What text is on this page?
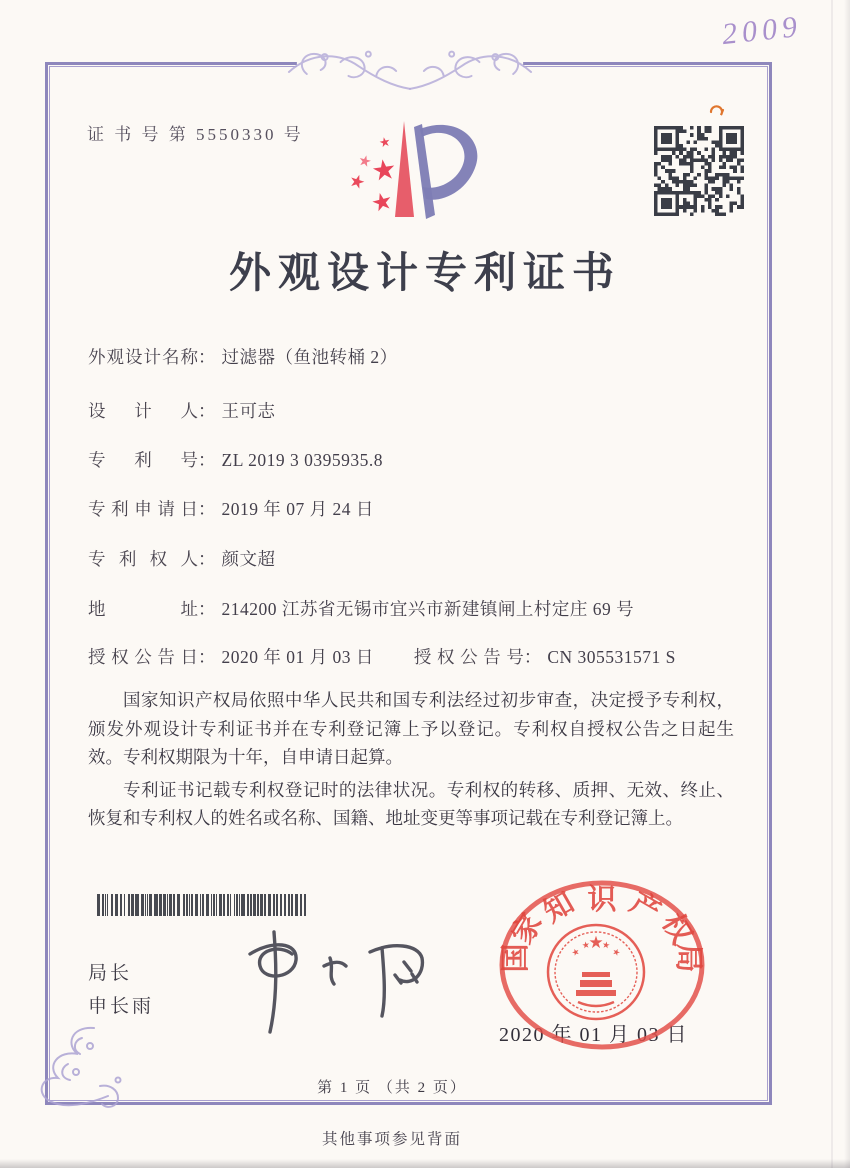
证 书 号 第 5550330 号
2009
★
★
★
★
★
外观设计专利证书
外观设计名称： 过滤器（鱼池转桶 2）
设计人： 王可志
专利号： ZL 2019 3 0395935.8
专利申请日： 2019 年 07 月 24 日
专利权人： 颜文超
地址： 214200 江苏省无锡市宜兴市新建镇闸上村定庄 69 号
授权公告日： 2020 年 01 月 03 日 授权公告号： CN 305531571 S

国家知识产权局依照中华人民共和国专利法经过初步审查，决定授予专利权，颁发外观设计专利证书并在专利登记簿上予以登记。专利权自授权公告之日起生效。专利权期限为十年，自申请日起算。

专利证书记载专利权登记时的法律状况。专利权的转移、质押、无效、终止、恢复和专利权人的姓名或名称、国籍、地址变更等事项记载在专利登记簿上。

局长
申长雨
2020 年 01 月 03 日
国
家
知 识 产
权
局
★
★
★ ★
★
第 1 页 （共 2 页）
其他事项参见背面
